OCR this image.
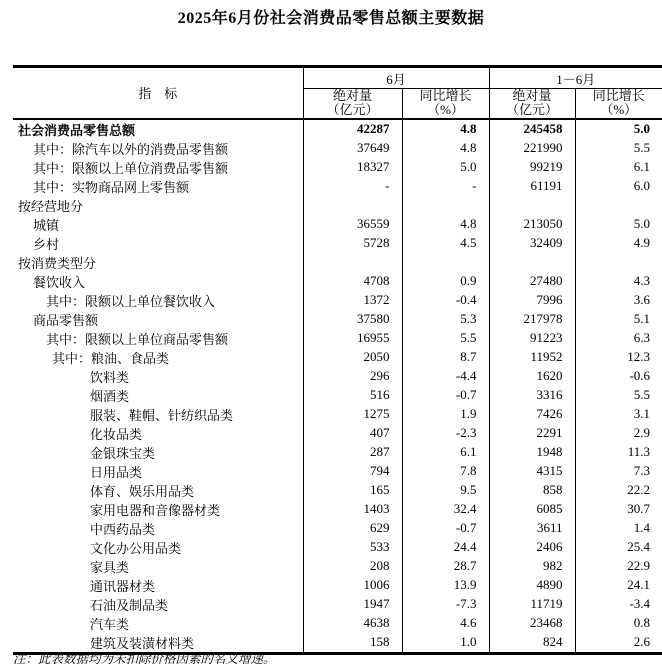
2025年6月份社会消费品零售总额主要数据
指　标	6月		1－6月	

绝对量
（亿元）

同比增长
（%）

绝对量
（亿元）

同比增长
（%）

社会消费品零售总额	42287	4.8	245458	5.0
其中：除汽车以外的消费品零售额	37649	4.8	221990	5.5
其中：限额以上单位消费品零售额	18327	5.0	99219	6.1
其中：实物商品网上零售额	-	-	61191	6.0
按经营地分				
城镇	36559	4.8	213050	5.0
乡村	5728	4.5	32409	4.9
按消费类型分				
餐饮收入	4708	0.9	27480	4.3
其中：限额以上单位餐饮收入	1372	-0.4	7996	3.6
商品零售额	37580	5.3	217978	5.1
其中：限额以上单位商品零售额	16955	5.5	91223	6.3
其中：粮油、食品类	2050	8.7	11952	12.3
饮料类	296	-4.4	1620	-0.6
烟酒类	516	-0.7	3316	5.5
服装、鞋帽、针纺织品类	1275	1.9	7426	3.1
化妆品类	407	-2.3	2291	2.9
金银珠宝类	287	6.1	1948	11.3
日用品类	794	7.8	4315	7.3
体育、娱乐用品类	165	9.5	858	22.2
家用电器和音像器材类	1403	32.4	6085	30.7
中西药品类	629	-0.7	3611	1.4
文化办公用品类	533	24.4	2406	25.4
家具类	208	28.7	982	22.9
通讯器材类	1006	13.9	4890	24.1
石油及制品类	1947	-7.3	11719	-3.4
汽车类	4638	4.6	23468	0.8
建筑及装潢材料类	158	1.0	824	2.6

注：此表数据均为未扣除价格因素的名义增速。
